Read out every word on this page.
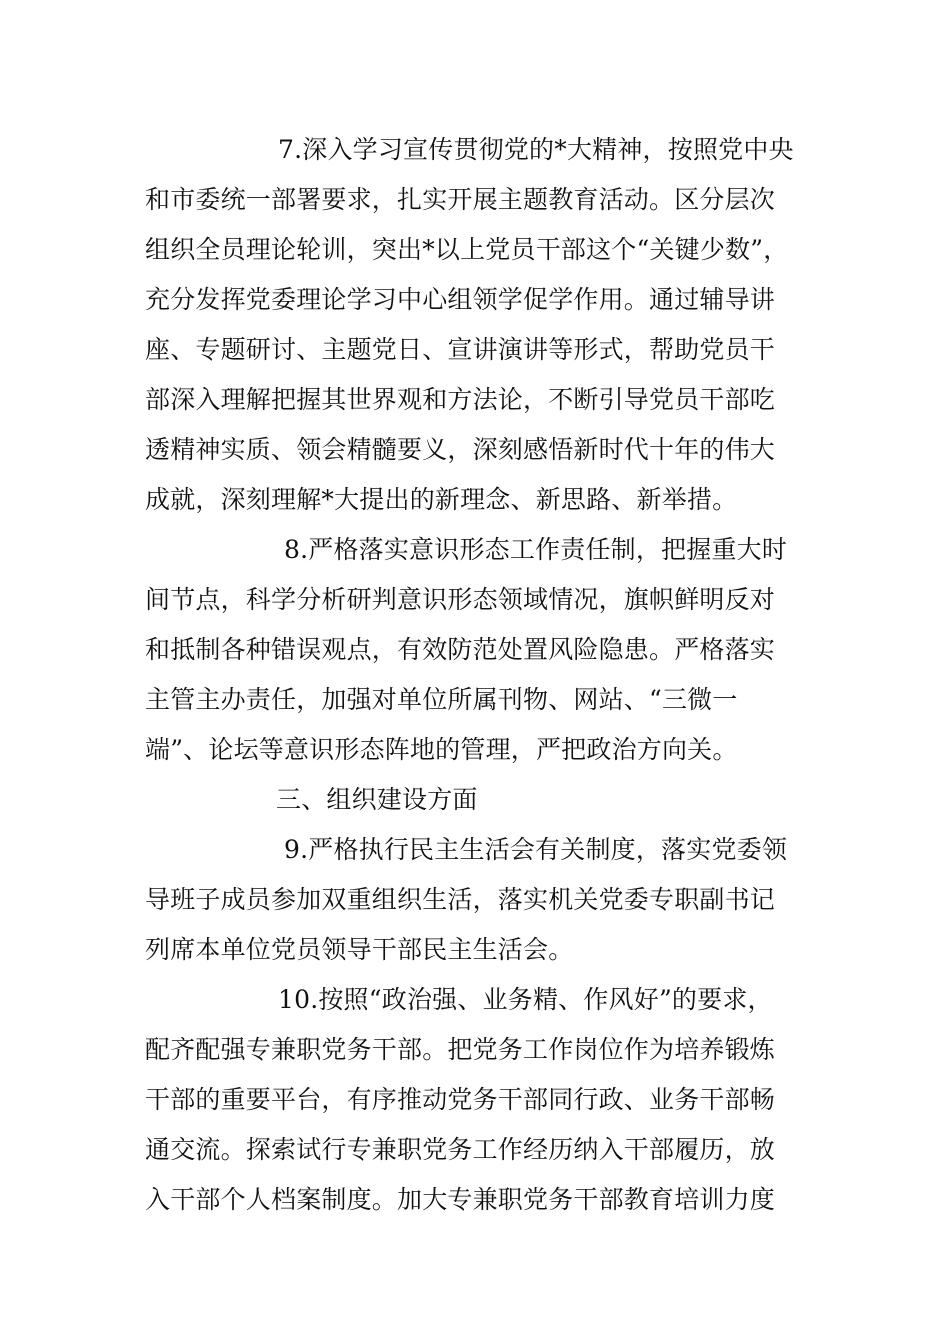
7.深入学习宣传贯彻党的*大精神，按照党中央
和市委统一部署要求，扎实开展主题教育活动。区分层次
组织全员理论轮训，突出*以上党员干部这个“关键少数”，
充分发挥党委理论学习中心组领学促学作用。通过辅导讲
座、专题研讨、主题党日、宣讲演讲等形式，帮助党员干
部深入理解把握其世界观和方法论，不断引导党员干部吃
透精神实质、领会精髓要义，深刻感悟新时代十年的伟大
成就，深刻理解*大提出的新理念、新思路、新举措。
8.严格落实意识形态工作责任制，把握重大时
间节点，科学分析研判意识形态领域情况，旗帜鲜明反对
和抵制各种错误观点，有效防范处置风险隐患。严格落实
主管主办责任，加强对单位所属刊物、网站、“三微一
端”、论坛等意识形态阵地的管理，严把政治方向关。
三、组织建设方面
9.严格执行民主生活会有关制度，落实党委领
导班子成员参加双重组织生活，落实机关党委专职副书记
列席本单位党员领导干部民主生活会。
10.按照“政治强、业务精、作风好”的要求，
配齐配强专兼职党务干部。把党务工作岗位作为培养锻炼
干部的重要平台，有序推动党务干部同行政、业务干部畅
通交流。探索试行专兼职党务工作经历纳入干部履历，放
入干部个人档案制度。加大专兼职党务干部教育培训力度
